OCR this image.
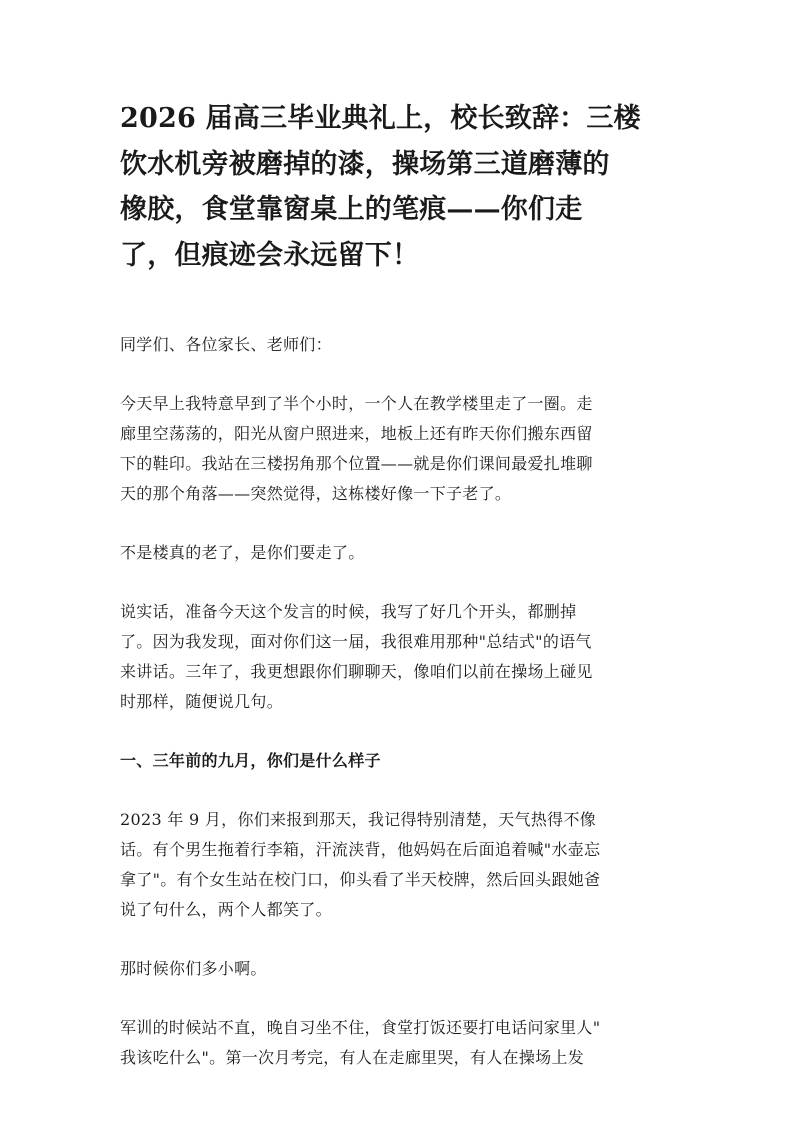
2026 届高三毕业典礼上，校长致辞：三楼
饮水机旁被磨掉的漆，操场第三道磨薄的
橡胶，食堂靠窗桌上的笔痕——你们走
了，但痕迹会永远留下！

同学们、各位家长、老师们：

今天早上我特意早到了半个小时，一个人在教学楼里走了一圈。走
廊里空荡荡的，阳光从窗户照进来，地板上还有昨天你们搬东西留
下的鞋印。我站在三楼拐角那个位置——就是你们课间最爱扎堆聊
天的那个角落——突然觉得，这栋楼好像一下子老了。

不是楼真的老了，是你们要走了。

说实话，准备今天这个发言的时候，我写了好几个开头，都删掉
了。因为我发现，面对你们这一届，我很难用那种"总结式"的语气
来讲话。三年了，我更想跟你们聊聊天，像咱们以前在操场上碰见
时那样，随便说几句。

一、三年前的九月，你们是什么样子

2023 年 9 月，你们来报到那天，我记得特别清楚，天气热得不像
话。有个男生拖着行李箱，汗流浃背，他妈妈在后面追着喊"水壶忘
拿了"。有个女生站在校门口，仰头看了半天校牌，然后回头跟她爸
说了句什么，两个人都笑了。

那时候你们多小啊。

军训的时候站不直，晚自习坐不住，食堂打饭还要打电话问家里人"
我该吃什么"。第一次月考完，有人在走廊里哭，有人在操场上发
